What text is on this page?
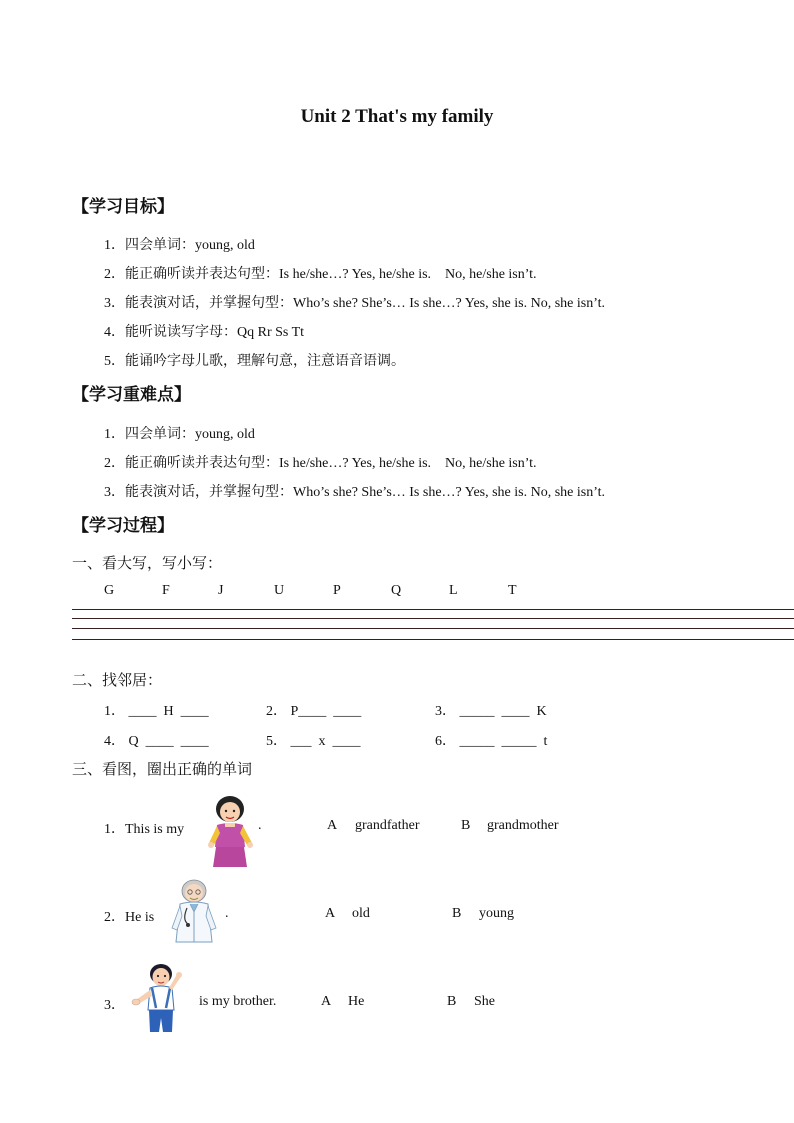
Unit 2 That's my family
【学习目标】
1．四会单词：young, old
2．能正确听读并表达句型：Is he/she…? Yes, he/she is.    No, he/she isn’t.
3．能表演对话，并掌握句型：Who’s she? She’s… Is she…? Yes, she is. No, she isn’t.
4．能听说读写字母：Qq Rr Ss Tt
5．能诵吟字母儿歌，理解句意，注意语音语调。
【学习重难点】
1．四会单词：young, old
2．能正确听读并表达句型：Is he/she…? Yes, he/she is.    No, he/she isn’t.
3．能表演对话，并掌握句型：Who’s she? She’s… Is she…? Yes, she is. No, she isn’t.
【学习过程】
一、看大写，写小写：
G	F	J	U	P	Q	L	T
二、找邻居：
1． ____  H  ____	2． P____  ____	3． _____  ____  K
4． Q  ____  ____	5． ___  x  ____	6． _____  _____  t
三、看图，圈出正确的单词
1．This is my	.	A grandfather	B grandmother
2．He is	.	A old	B young
3．	is my brother.	A He	B She
